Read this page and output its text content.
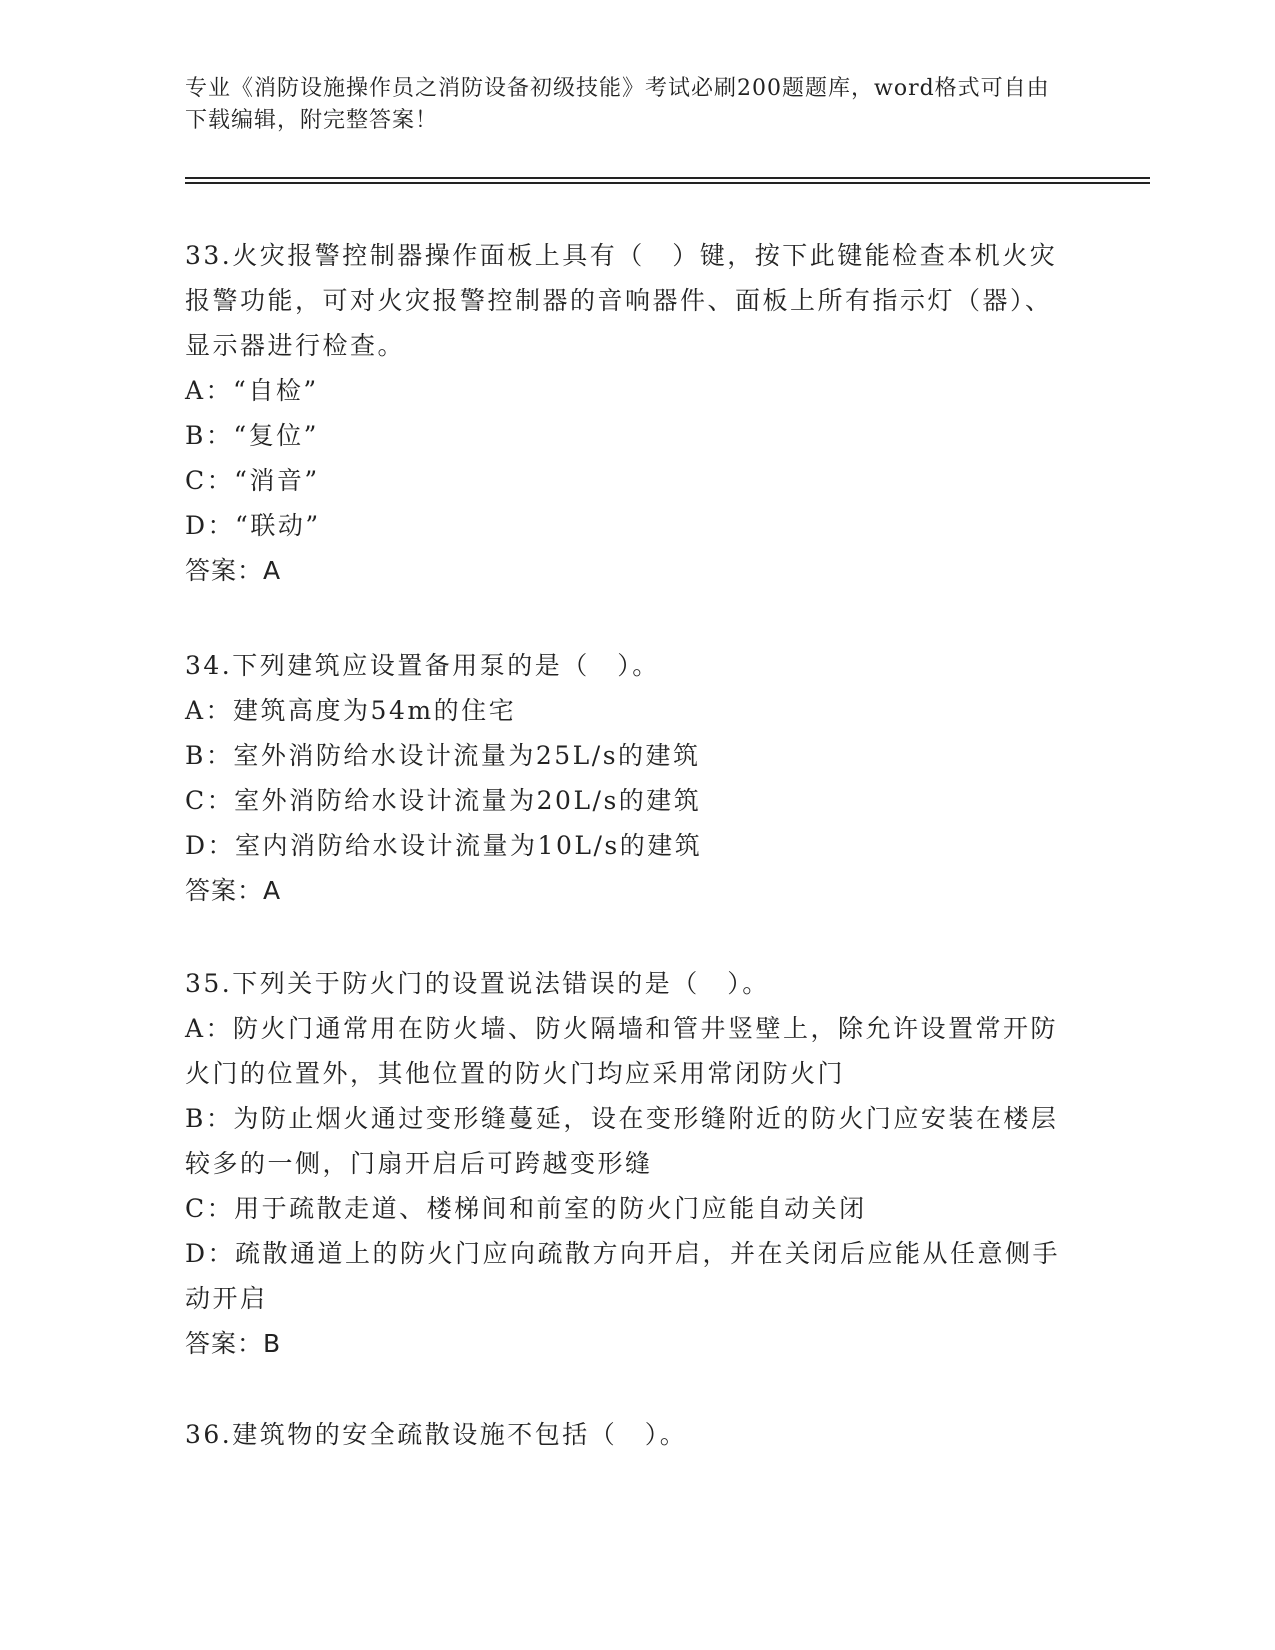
专业《消防设施操作员之消防设备初级技能》考试必刷200题题库，word格式可自由下载编辑，附完整答案！
33.火灾报警控制器操作面板上具有（　）键，按下此键能检查本机火灾报警功能，可对火灾报警控制器的音响器件、面板上所有指示灯（器）、显示器进行检查。
A：“自检”
B：“复位”
C：“消音”
D：“联动”
答案：A
34.下列建筑应设置备用泵的是（　）。
A：建筑高度为54m的住宅
B：室外消防给水设计流量为25L/s的建筑
C：室外消防给水设计流量为20L/s的建筑
D：室内消防给水设计流量为10L/s的建筑
答案：A
35.下列关于防火门的设置说法错误的是（　）。
A：防火门通常用在防火墙、防火隔墙和管井竖壁上，除允许设置常开防火门的位置外，其他位置的防火门均应采用常闭防火门
B：为防止烟火通过变形缝蔓延，设在变形缝附近的防火门应安装在楼层较多的一侧，门扇开启后可跨越变形缝
C：用于疏散走道、楼梯间和前室的防火门应能自动关闭
D：疏散通道上的防火门应向疏散方向开启，并在关闭后应能从任意侧手动开启
答案：B
36.建筑物的安全疏散设施不包括（　）。
